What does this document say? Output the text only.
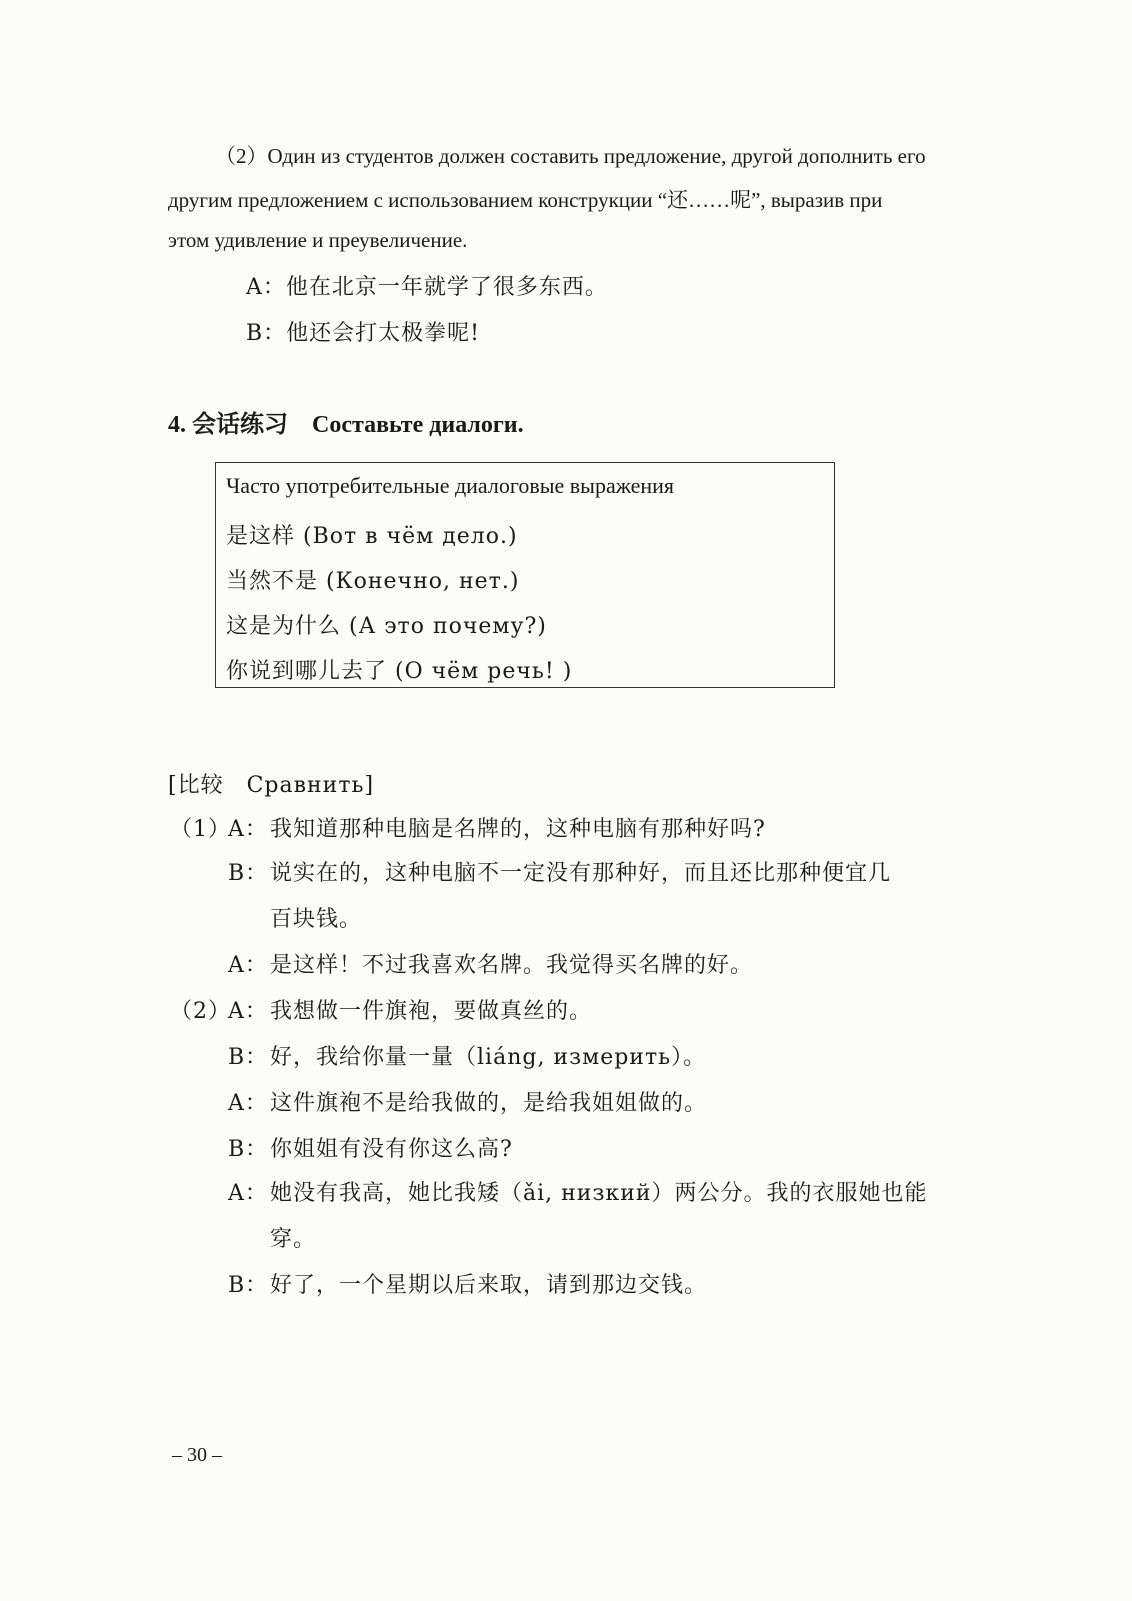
（2）Один из студентов должен составить предложение, другой дополнить его
другим предложением с использованием конструкции “还……呢”, выразив при
этом удивление и преувеличение.
A：他在北京一年就学了很多东西。
B：他还会打太极拳呢!
4. 会话练习　Составьте диалоги.
Часто употребительные диалоговые выражения
是这样 (Вот в чём дело.)
当然不是 (Конечно, нет.)
这是为什么 (А это почему?)
你说到哪儿去了 (О чём речь! )
[比较　Сравнить]
（1）
A：我知道那种电脑是名牌的，这种电脑有那种好吗?
B：说实在的，这种电脑不一定没有那种好，而且还比那种便宜几
百块钱。
A：是这样！不过我喜欢名牌。我觉得买名牌的好。
（2）
A：我想做一件旗袍，要做真丝的。
B：好，我给你量一量（liáng, измерить）。
A：这件旗袍不是给我做的，是给我姐姐做的。
B：你姐姐有没有你这么高?
A：她没有我高，她比我矮（ǎi, низкий）两公分。我的衣服她也能
穿。
B：好了，一个星期以后来取，请到那边交钱。
– 30 –
